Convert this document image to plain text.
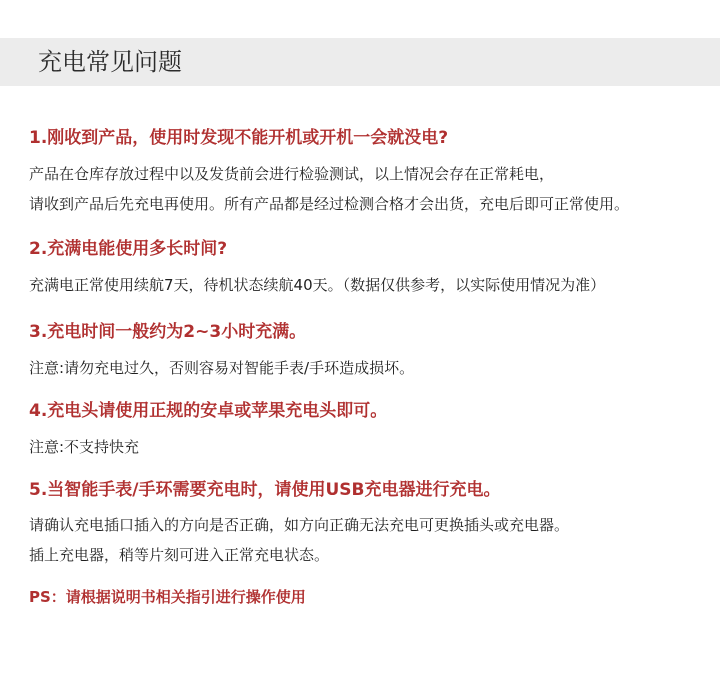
充电常见问题
1.刚收到产品，使用时发现不能开机或开机一会就没电?
产品在仓库存放过程中以及发货前会进行检验测试，以上情况会存在正常耗电，
请收到产品后先充电再使用。所有产品都是经过检测合格才会出货，充电后即可正常使用。
2.充满电能使用多长时间?
充满电正常使用续航7天，待机状态续航40天。（数据仅供参考，以实际使用情况为准）
3.充电时间一般约为2~3小时充满。
注意:请勿充电过久，否则容易对智能手表/手环造成损坏。
4.充电头请使用正规的安卓或苹果充电头即可。
注意:不支持快充
5.当智能手表/手环需要充电时，请使用USB充电器进行充电。
请确认充电插口插入的方向是否正确，如方向正确无法充电可更换插头或充电器。
插上充电器，稍等片刻可进入正常充电状态。
PS：请根据说明书相关指引进行操作使用
